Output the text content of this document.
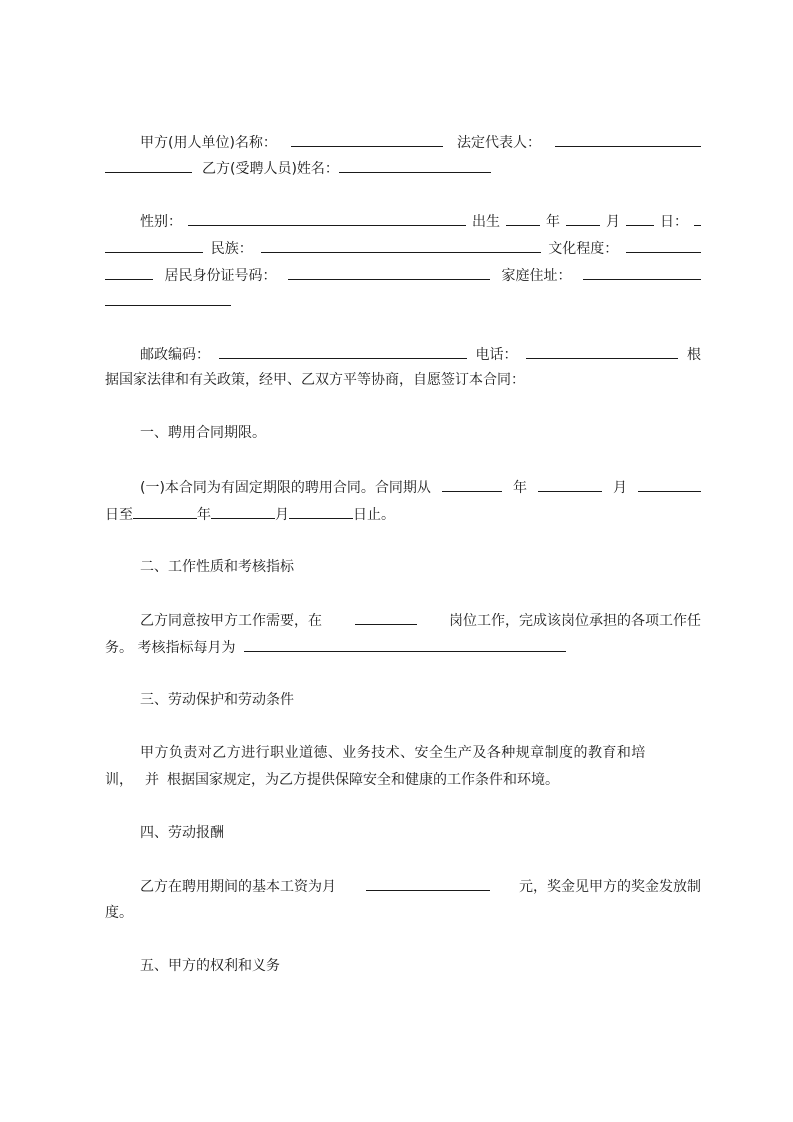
甲方(用人单位)名称：	法定代表人：
乙方(受聘人员)姓名：
性别：	出生	年	月	日：
民族：	文化程度：
居民身份证号码：	家庭住址：
邮政编码：	电话：	根
据国家法律和有关政策，经甲、乙双方平等协商，自愿签订本合同：
一、聘用合同期限。
(一)本合同为有固定期限的聘用合同。合同期从	年	月
日至	年	月	日止。
二、工作性质和考核指标
乙方同意按甲方工作需要，在	岗位工作，完成该岗位承担的各项工作任
务。 考核指标每月为
三、劳动保护和劳动条件
甲方负责对乙方进行职业道德、业务技术、安全生产及各种规章制度的教育和培
训， 并 根据国家规定，为乙方提供保障安全和健康的工作条件和环境。
四、劳动报酬
乙方在聘用期间的基本工资为月	元，奖金见甲方的奖金发放制
度。
五、甲方的权利和义务
